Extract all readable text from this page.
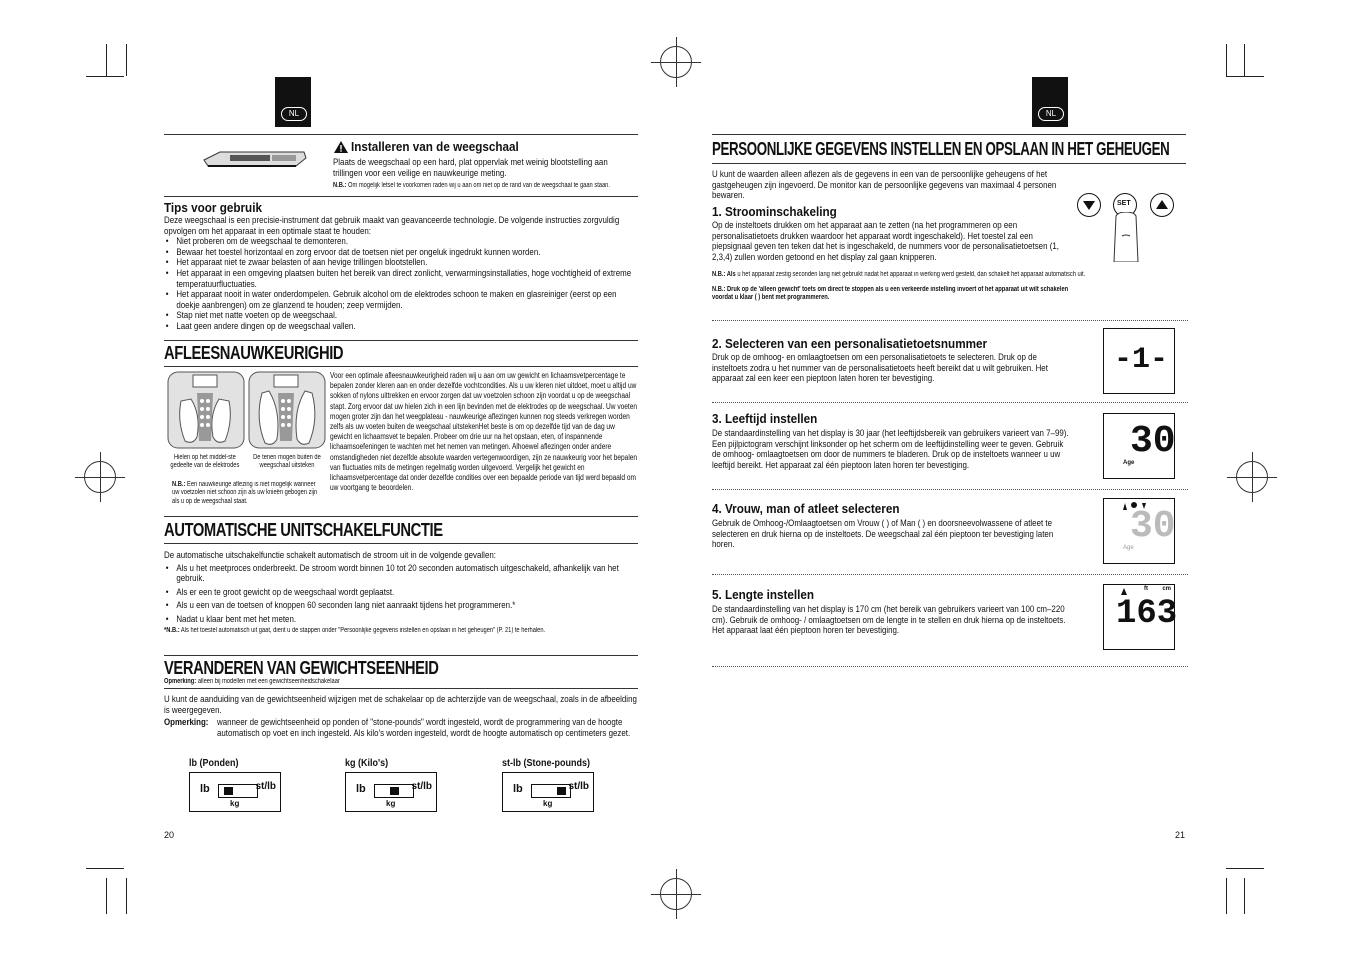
NL
Installeren van de weegschaal
Plaats de weegschaal op een hard, plat oppervlak met weinig blootstelling aan trillingen voor een veilige en nauwkeurige meting.
N.B.: Om mogelijk letsel te voorkomen raden wij u aan om niet op de rand van de weegschaal te gaan staan.
Tips voor gebruik
Deze weegschaal is een precisie-instrument dat gebruik maakt van geavanceerde technologie. De volgende instructies zorgvuldig opvolgen om het apparaat in een optimale staat te houden:
• Niet proberen om de weegschaal te demonteren.
• Bewaar het toestel horizontaal en zorg ervoor dat de toetsen niet per ongeluk ingedrukt kunnen worden.
• Het apparaat niet te zwaar belasten of aan hevige trillingen blootstellen.
• Het apparaat in een omgeving plaatsen buiten het bereik van direct zonlicht, verwarmingsinstallaties, hoge vochtigheid of extreme temperatuurfluctuaties.
• Het apparaat nooit in water onderdompelen. Gebruik alcohol om de elektrodes schoon te maken en glasreiniger (eerst op een doekje aanbrengen) om ze glanzend te houden; zeep vermijden.
• Stap niet met natte voeten op de weegschaal.
• Laat geen andere dingen op de weegschaal vallen.
AFLEESNAUWKEURIGHID
Hielen op het middel-ste gedeelte van de elektrodes
De tenen mogen buiten de weegschaal uitsteken
N.B.: Een nauwkeurige aflezing is niet mogelijk wanneer uw voetzolen niet schoon zijn als uw knieën gebogen zijn als u op de weegschaal staat.
Voor een optimale afleesnauwkeurigheid raden wij u aan om uw gewicht en lichaamsvetpercentage te bepalen zonder kleren aan en onder dezelfde vochtcondities. Als u uw kleren niet uitdoet, moet u altijd uw sokken of nylons uittrekken en ervoor zorgen dat uw voetzolen schoon zijn voordat u op de weegschaal stapt. Zorg ervoor dat uw hielen zich in een lijn bevinden met de elektrodes op de weegschaal. Uw voeten mogen groter zijn dan het weegplateau - nauwkeurige aflezingen kunnen nog steeds verkregen worden zelfs als uw voeten buiten de weegschaal uitstekenHet beste is om op dezelfde tijd van de dag uw gewicht en lichaamsvet te bepalen. Probeer om drie uur na het opstaan, eten, of inspannende lichaamsoefeningen te wachten met het nemen van metingen. Alhoewel aflezingen onder andere omstandigheden niet dezelfde absolute waarden vertegenwoordigen, zijn ze nauwkeurig voor het bepalen van fluctuaties mits de metingen regelmatig worden uitgevoerd. Vergelijk het gewicht en lichaamsvetpercentage dat onder dezelfde condities over een bepaalde periode van tijd werd bepaald om uw voortgang te beoordelen.
AUTOMATISCHE UNITSCHAKELFUNCTIE
De automatische uitschakelfunctie schakelt automatisch de stroom uit in de volgende gevallen:
• Als u het meetproces onderbreekt. De stroom wordt binnen 10 tot 20 seconden automatisch uitgeschakeld, afhankelijk van het gebruik.
• Als er een te groot gewicht op de weegschaal wordt geplaatst.
• Als u een van de toetsen of knoppen 60 seconden lang niet aanraakt tijdens het programmeren.*
• Nadat u klaar bent met het meten.
*N.B.: Als het toestel automatisch uit gaat, dient u de stappen onder "Persoonlijke gegevens instellen en opslaan in het geheugen" (P. 21) te herhalen.
VERANDEREN VAN GEWICHTSEENHEID
Opmerking: alleen bij modellen met een gewichtseenheidschakelaar
U kunt de aanduiding van de gewichtseenheid wijzigen met de schakelaar op de achterzijde van de weegschaal, zoals in de afbeelding is weergegeven.
Opmerking: wanneer de gewichtseenheid op ponden of "stone-pounds" wordt ingesteld, wordt de programmering van de hoogte automatisch op voet en inch ingesteld. Als kilo's worden ingesteld, wordt de hoogte automatisch op centimeters gezet.
lb (Ponden)
lb	st/lb
kg
kg (Kilo's)
lb	st/lb
kg
st-lb (Stone-pounds)
lb	st/lb
kg
20
NL
PERSOONLIJKE GEGEVENS INSTELLEN EN OPSLAAN IN HET GEHEUGEN
U kunt de waarden alleen aflezen als de gegevens in een van de persoonlijke geheugens of het gastgeheugen zijn ingevoerd. De monitor kan de persoonlijke gegevens van maximaal 4 personen bewaren.
SET
1. Stroominschakeling
Op de insteltoets drukken om het apparaat aan te zetten (na het programmeren op een personalisatietoets drukken waardoor het apparaat wordt ingeschakeld). Het toestel zal een piepsignaal geven ten teken dat het is ingeschakeld, de nummers voor de personalisatietoetsen (1, 2,3,4) zullen worden getoond en het display zal gaan knipperen.
N.B.: Als u het apparaat zestig seconden lang niet gebruikt nadat het apparaat in werking werd gesteld, dan schakelt het apparaat automatisch uit.
N.B.: Druk op de 'alleen gewicht' toets om direct te stoppen als u een verkeerde instelling invoert of het apparaat uit wilt schakelen voordat u klaar ( ) bent met programmeren.
2. Selecteren van een personalisatietoetsnummer
Druk op de omhoog- en omlaagtoetsen om een personalisatietoets te selecteren. Druk op de insteltoets zodra u het nummer van de personalisatietoets heeft bereikt dat u wilt gebruiken. Het apparaat zal een keer een pieptoon laten horen ter bevestiging.
-1-
3. Leeftijd instellen
De standaardinstelling van het display is 30 jaar (het leeftijdsbereik van gebruikers varieert van 7–99). Een pijlpictogram verschijnt linksonder op het scherm om de leeftijdinstelling weer te geven. Gebruik de omhoog- omlaagtoetsen om door de nummers te bladeren. Druk op de insteltoets wanneer u uw leeftijd bereikt. Het apparaat zal één pieptoon laten horen ter bevestiging.
30
Age
4. Vrouw, man of atleet selecteren
Gebruik de Omhoog-/Omlaagtoetsen om Vrouw ( ) of Man ( ) en doorsneevolwassene of atleet te selecteren en druk hierna op de insteltoets. De weegschaal zal één pieptoon ter bevestiging laten horen.	30
Age
5. Lengte instellen
De standaardinstelling van het display is 170 cm (het bereik van gebruikers varieert van 100 cm–220 cm). Gebruik de omhoog- / omlaagtoetsen om de lengte in te stellen en druk hierna op de insteltoets. Het apparaat laat één pieptoon horen ter bevestiging.
ft cm
163
21
